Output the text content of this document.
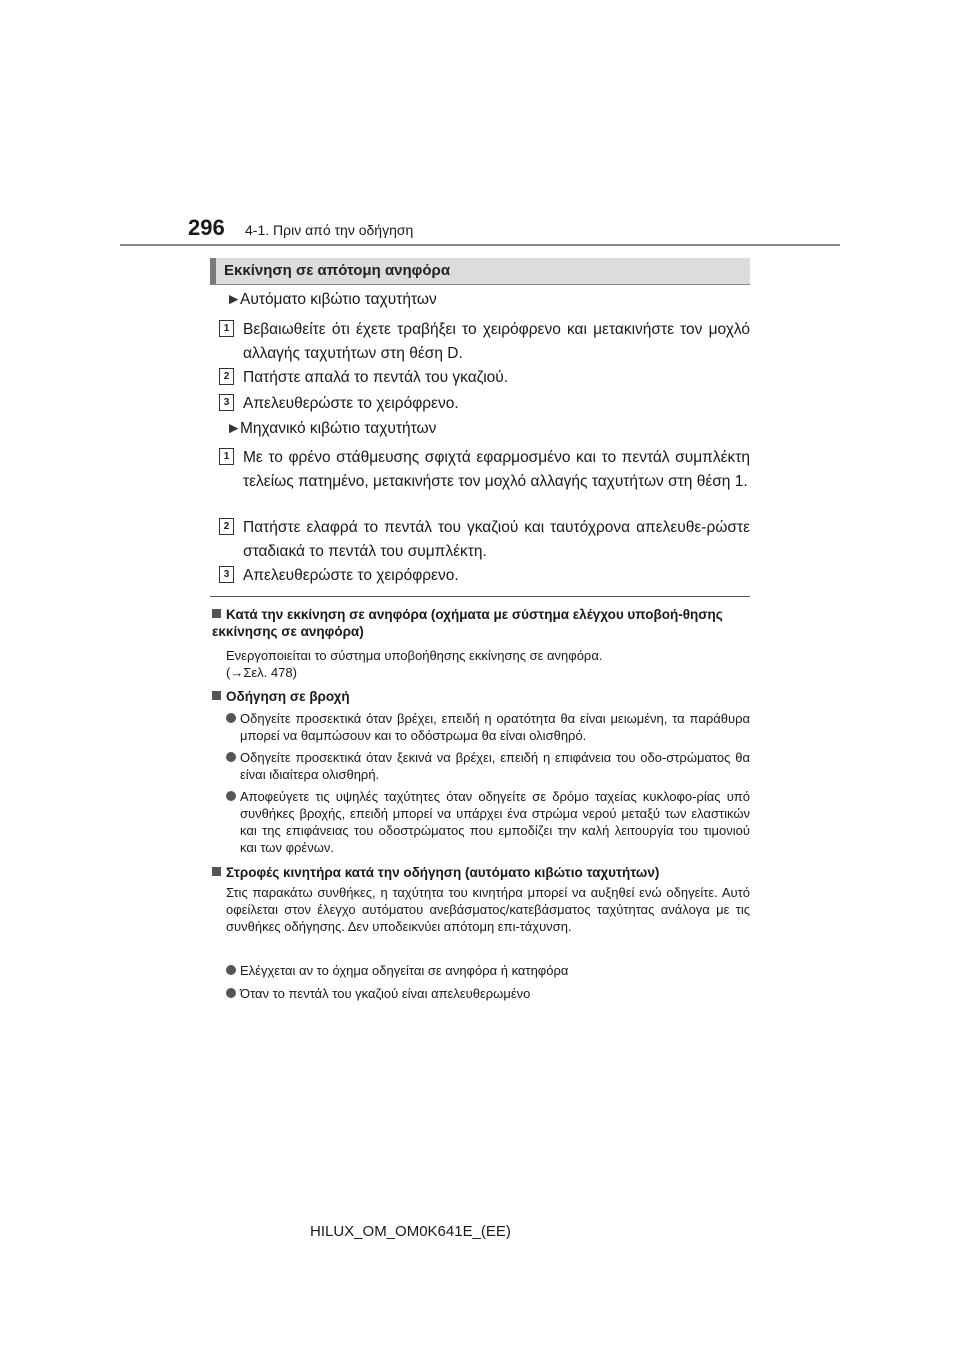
296 4-1. Πριν από την οδήγηση
Εκκίνηση σε απότομη ανηφόρα
►Αυτόματο κιβώτιο ταχυτήτων
1 Βεβαιωθείτε ότι έχετε τραβήξει το χειρόφρενο και μετακινήστε τον μοχλό αλλαγής ταχυτήτων στη θέση D.
2 Πατήστε απαλά το πεντάλ του γκαζιού.
3 Απελευθερώστε το χειρόφρενο.
►Μηχανικό κιβώτιο ταχυτήτων
1 Με το φρένο στάθμευσης σφιχτά εφαρμοσμένο και το πεντάλ συμπλέκτη τελείως πατημένο, μετακινήστε τον μοχλό αλλαγής ταχυτήτων στη θέση 1.
2 Πατήστε ελαφρά το πεντάλ του γκαζιού και ταυτόχρονα απελευθε-ρώστε σταδιακά το πεντάλ του συμπλέκτη.
3 Απελευθερώστε το χειρόφρενο.
Κατά την εκκίνηση σε ανηφόρα (οχήματα με σύστημα ελέγχου υποβοή-θησης εκκίνησης σε ανηφόρα)
Ενεργοποιείται το σύστημα υποβοήθησης εκκίνησης σε ανηφόρα.
(→Σελ. 478)
Οδήγηση σε βροχή
Οδηγείτε προσεκτικά όταν βρέχει, επειδή η ορατότητα θα είναι μειωμένη, τα παράθυρα μπορεί να θαμπώσουν και το οδόστρωμα θα είναι ολισθηρό.
Οδηγείτε προσεκτικά όταν ξεκινά να βρέχει, επειδή η επιφάνεια του οδο-στρώματος θα είναι ιδιαίτερα ολισθηρή.
Αποφεύγετε τις υψηλές ταχύτητες όταν οδηγείτε σε δρόμο ταχείας κυκλοφο-ρίας υπό συνθήκες βροχής, επειδή μπορεί να υπάρχει ένα στρώμα νερού μεταξύ των ελαστικών και της επιφάνειας του οδοστρώματος που εμποδίζει την καλή λειτουργία του τιμονιού και των φρένων.
Στροφές κινητήρα κατά την οδήγηση (αυτόματο κιβώτιο ταχυτήτων)
Στις παρακάτω συνθήκες, η ταχύτητα του κινητήρα μπορεί να αυξηθεί ενώ οδηγείτε. Αυτό οφείλεται στον έλεγχο αυτόματου ανεβάσματος/κατεβάσματος ταχύτητας ανάλογα με τις συνθήκες οδήγησης. Δεν υποδεικνύει απότομη επι-τάχυνση.
Ελέγχεται αν το όχημα οδηγείται σε ανηφόρα ή κατηφόρα
Όταν το πεντάλ του γκαζιού είναι απελευθερωμένο
HILUX_OM_OM0K641E_(EE)
